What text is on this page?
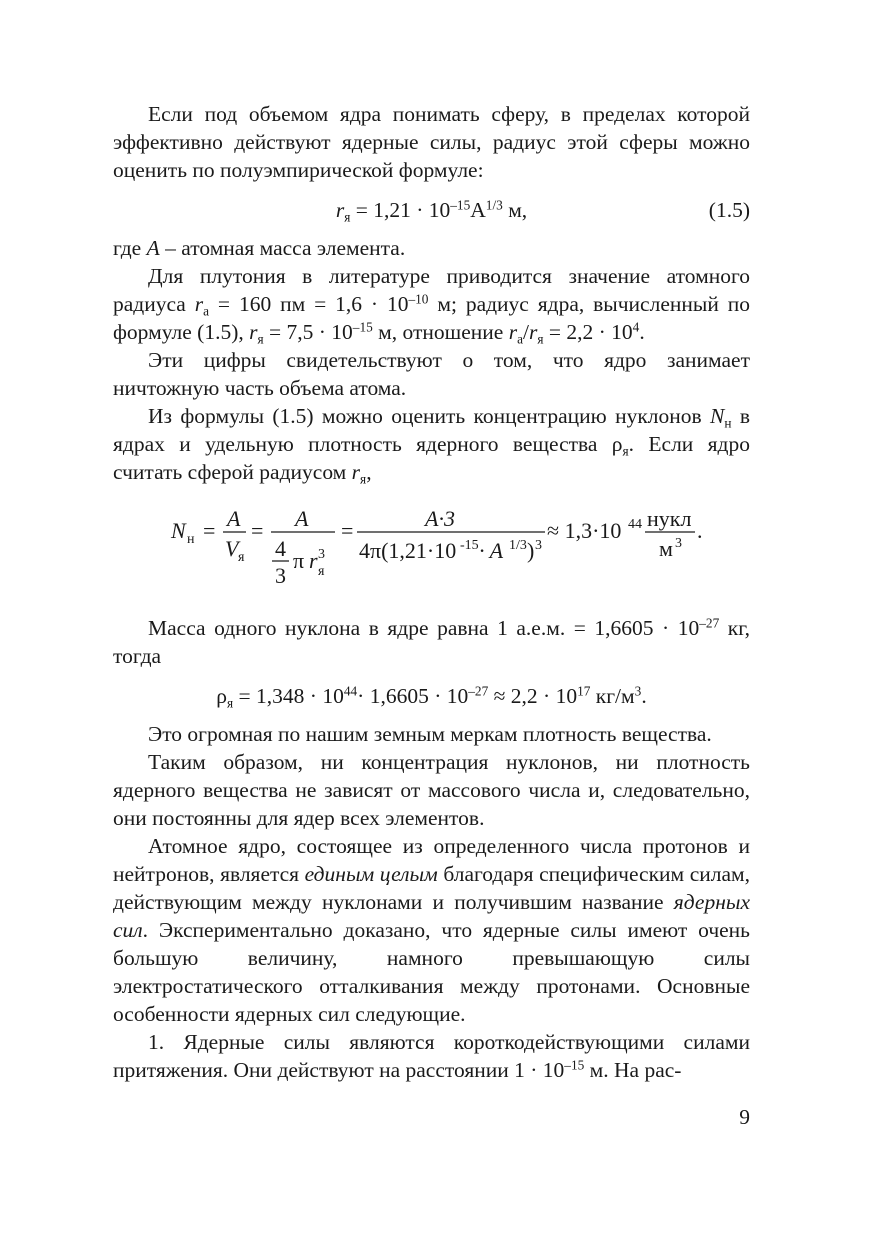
Если под объемом ядра понимать сферу, в пределах которой эффективно действуют ядерные силы, радиус этой сферы можно оценить по полуэмпирической формуле:

$r_я = 1,21 \cdot 10^{-15}A^{1/3}$ м,	(1.5)

где A – атомная масса элемента.

Для плутония в литературе приводится значение атомного радиуса $r_а = 160$ пм = $1,6 \cdot 10^{-10}$ м; радиус ядра, вычисленный по формуле (1.5), $r_я = 7,5 \cdot 10^{-15}$ м, отношение $r_а/r_я = 2,2 \cdot 10^4$.

Эти цифры свидетельствуют о том, что ядро занимает ничтожную часть объема атома.

Из формулы (1.5) можно оценить концентрацию нуклонов $N_н$ в ядрах и удельную плотность ядерного вещества $\rho_я$. Если ядро считать сферой радиусом $r_я$,

N н = A
V я
= A
4
3
π r 3
я
=	A·3
4π(1,21·10 -15 · A 1/3 ) 3
≈ 1,3·10 44 нукл
м 3
.

Масса одного нуклона в ядре равна 1 а.е.м. = $1,6605 \cdot 10^{-27}$ кг, тогда

$\rho_я = 1,348 \cdot 10^{44}\cdot 1,6605 \cdot 10^{-27} \approx 2,2 \cdot 10^{17}$ $кг/м^3$.

Это огромная по нашим земным меркам плотность вещества.

Таким образом, ни концентрация нуклонов, ни плотность ядерного вещества не зависят от массового числа и, следовательно, они постоянны для ядер всех элементов.

Атомное ядро, состоящее из определенного числа протонов и нейтронов, является единым целым благодаря специфическим силам, действующим между нуклонами и получившим название ядерных сил. Экспериментально доказано, что ядерные силы имеют очень большую величину, намного превышающую силы электростатического отталкивания между протонами. Основные особенности ядерных сил следующие.

1. Ядерные силы являются короткодействующими силами притяжения. Они действуют на расстоянии $1 \cdot 10^{-15}$ м. На рас-

9
